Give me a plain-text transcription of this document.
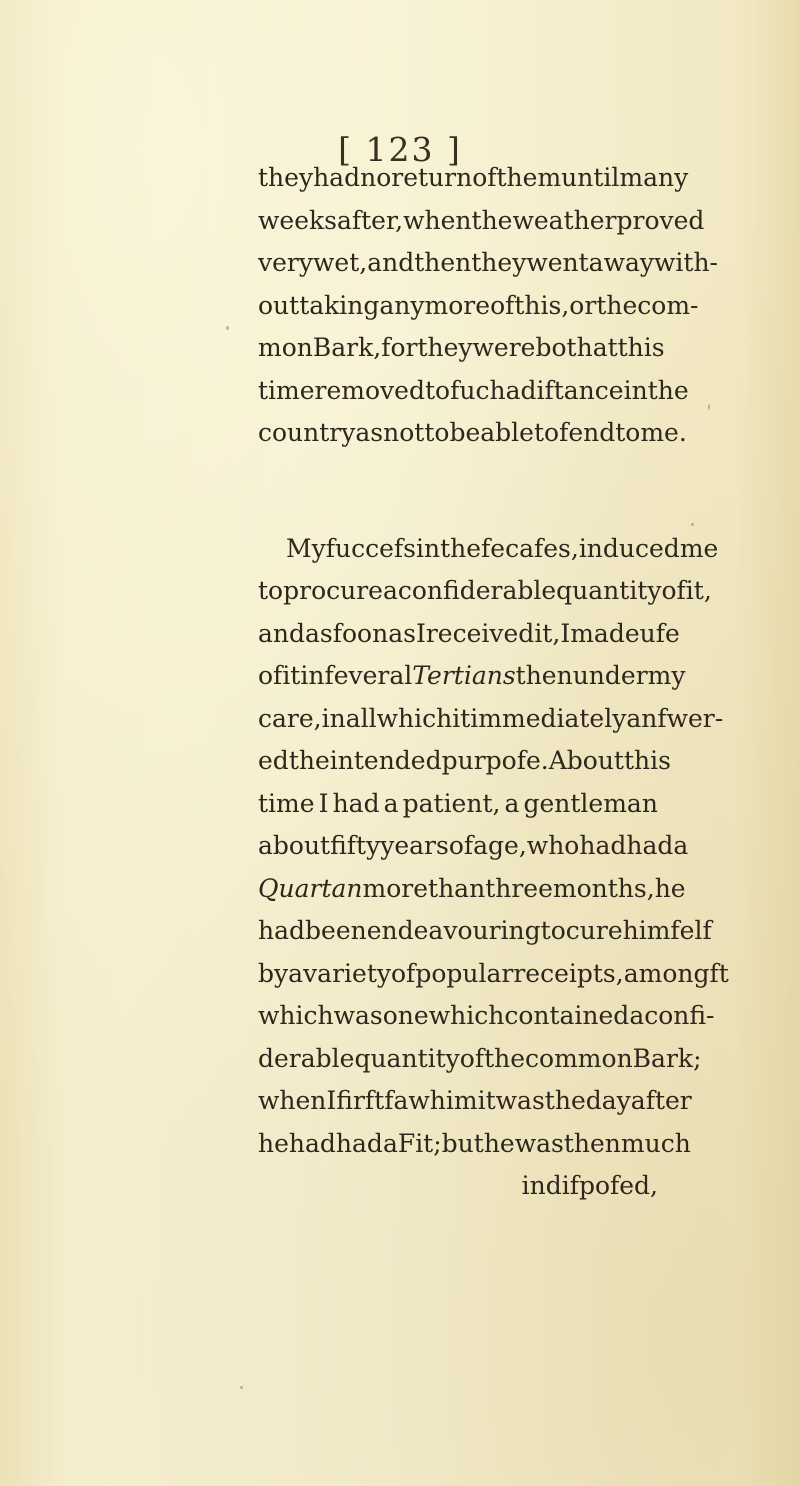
[ 123 ]
they had no return of them until many
weeks after, when the weather proved
very wet, and then they went away with-
out taking any more of this, or the com-
mon Bark, for they were both at this
time removed to fuch a diftance in the
country as not to be able to fend to me.
My fuccefs in thefe cafes, induced me
to procure a confiderable quantity of it,
and as foon as I received it, I made ufe
of it in feveral Tertians then under my
care, in all which it immediately anfwer-
ed the intended purpofe. About this
time I had a patient, a gentleman
about fifty years of age, who had had a
Quartan more than three months, he
had been endeavouring to cure himfelf
by a variety of popular receipts, amongft
which was one which contained a confi-
derable quantity of the common Bark ;
when I firft faw him it was the day after
he had had a Fit; but he was then much
indifpofed,
